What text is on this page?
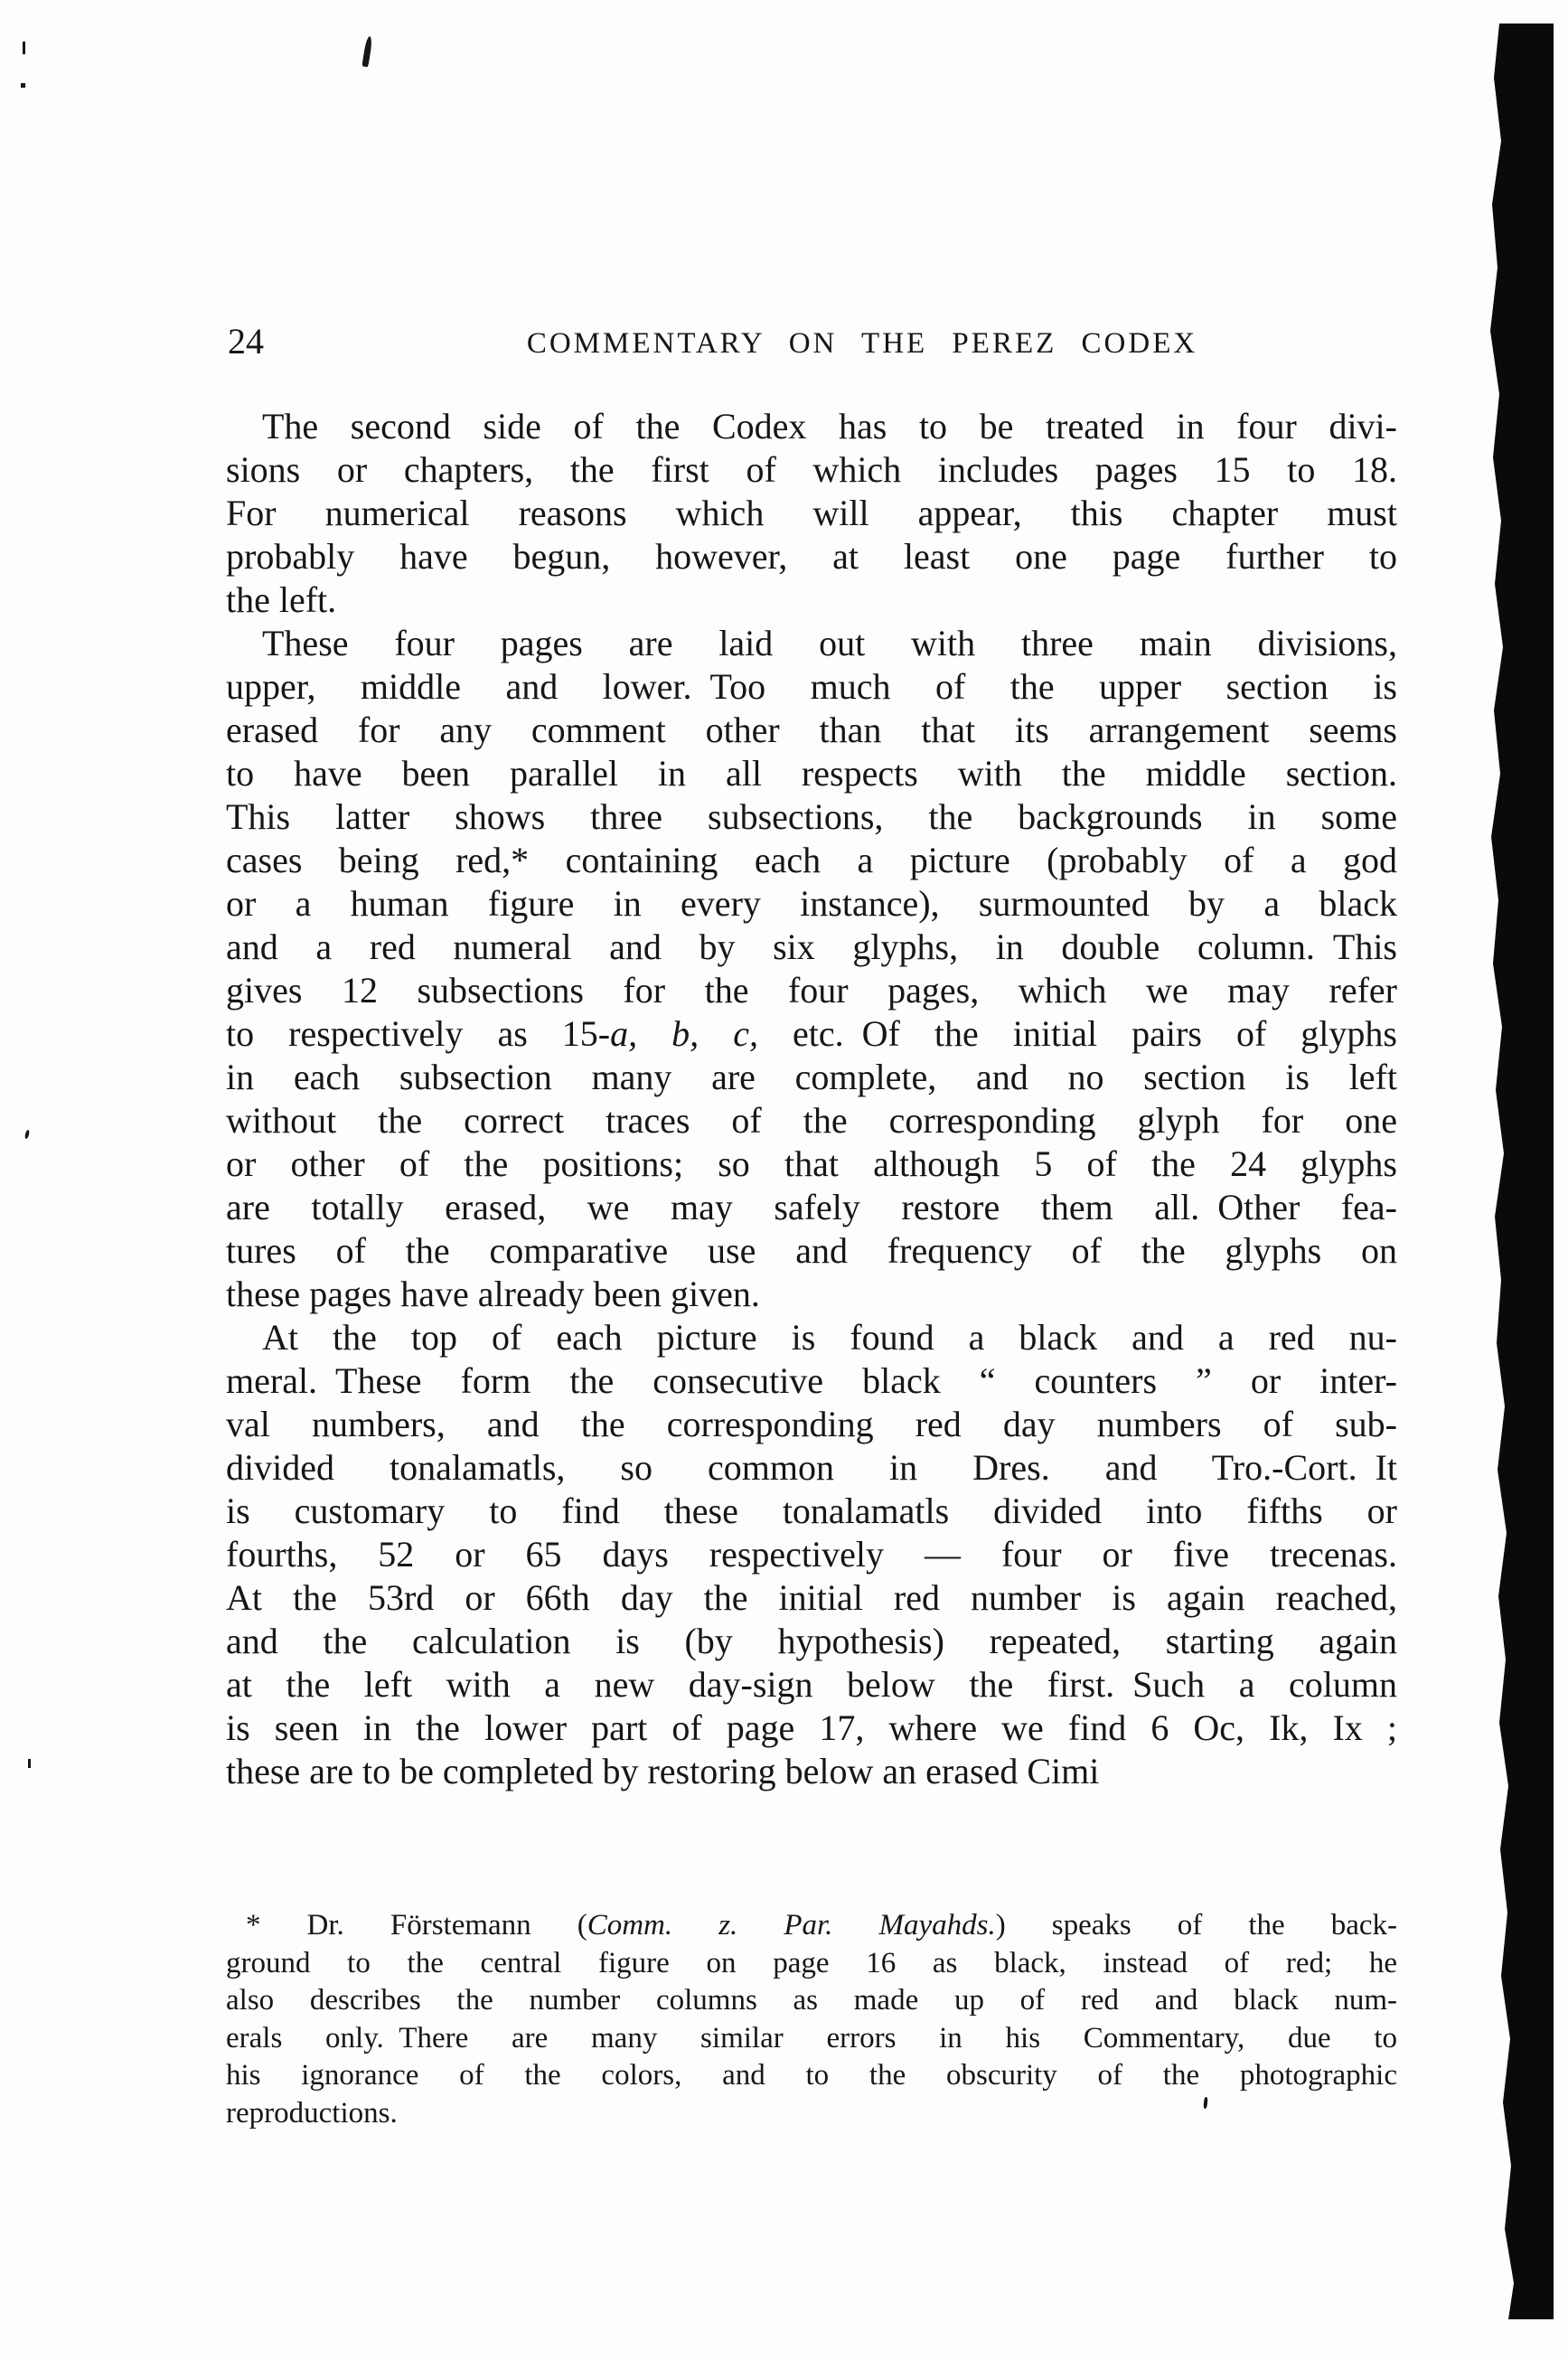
24	COMMENTARY ON THE PEREZ CODEX

The second side of the Codex has to be treated in four divi-
sions or chapters, the first of which includes pages 15 to 18.
For numerical reasons which will appear, this chapter must
probably have begun, however, at least one page further to
the left.

These four pages are laid out with three main divisions,
upper, middle and lower. Too much of the upper section is
erased for any comment other than that its arrangement seems
to have been parallel in all respects with the middle section.
This latter shows three subsections, the backgrounds in some
cases being red,* containing each a picture (probably of a god
or a human figure in every instance), surmounted by a black
and a red numeral and by six glyphs, in double column. This
gives 12 subsections for the four pages, which we may refer
to respectively as 15-a, b, c, etc. Of the initial pairs of glyphs
in each subsection many are complete, and no section is left
without the correct traces of the corresponding glyph for one
or other of the positions; so that although 5 of the 24 glyphs
are totally erased, we may safely restore them all. Other fea-
tures of the comparative use and frequency of the glyphs on
these pages have already been given.

At the top of each picture is found a black and a red nu-
meral. These form the consecutive black “ counters ” or inter-
val numbers, and the corresponding red day numbers of sub-
divided tonalamatls, so common in Dres. and Tro.-Cort. It
is customary to find these tonalamatls divided into fifths or
fourths, 52 or 65 days respectively — four or five trecenas.
At the 53rd or 66th day the initial red number is again reached,
and the calculation is (by hypothesis) repeated, starting again
at the left with a new day-sign below the first. Such a column
is seen in the lower part of page 17, where we find 6 Oc, Ik, Ix ;
these are to be completed by restoring below an erased Cimi

* Dr. Förstemann (Comm. z. Par. Mayahds.) speaks of the back-
ground to the central figure on page 16 as black, instead of red; he
also describes the number columns as made up of red and black num-
erals only. There are many similar errors in his Commentary, due to
his ignorance of the colors, and to the obscurity of the photographic
reproductions.
